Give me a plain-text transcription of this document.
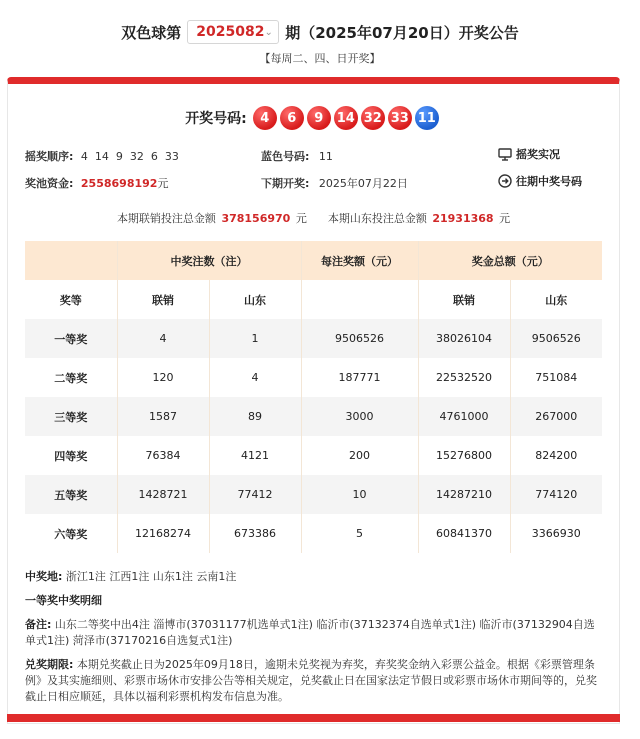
双色球第 2025082 ⌄ 期（2025年07月20日）开奖公告
【每周二、四、日开奖】
开奖号码:	4	6	9	14 32 33 11
摇奖顺序: 4  14  9  32  6  33	蓝色号码: 11	摇奖实况
奖池资金: 2558698192元	下期开奖: 2025年07月22日	往期中奖号码
本期联销投注总金额 378156970 元 本期山东投注总金额 21931368 元
	中奖注数（注）		每注奖额（元）	奖金总额（元）	
奖等	联销	山东		联销	山东
一等奖	4	1	9506526	38026104	9506526
二等奖	120	4	187771	22532520	751084
三等奖	1587	89	3000	4761000	267000
四等奖	76384	4121	200	15276800	824200
五等奖	1428721	77412	10	14287210	774120
六等奖	12168274	673386	5	60841370	3366930
中奖地: 浙江1注 江西1注 山东1注 云南1注
一等奖中奖明细
备注: 山东二等奖中出4注 淄博市(37031177机选单式1注) 临沂市(37132374自选单式1注) 临沂市(37132904自选单式1注) 菏泽市(37170216自选复式1注)
兑奖期限: 本期兑奖截止日为2025年09月18日，逾期未兑奖视为弃奖，弃奖奖金纳入彩票公益金。根据《彩票管理条例》及其实施细则、彩票市场休市安排公告等相关规定，兑奖截止日在国家法定节假日或彩票市场休市期间等的，兑奖截止日相应顺延，具体以福利彩票机构发布信息为准。
